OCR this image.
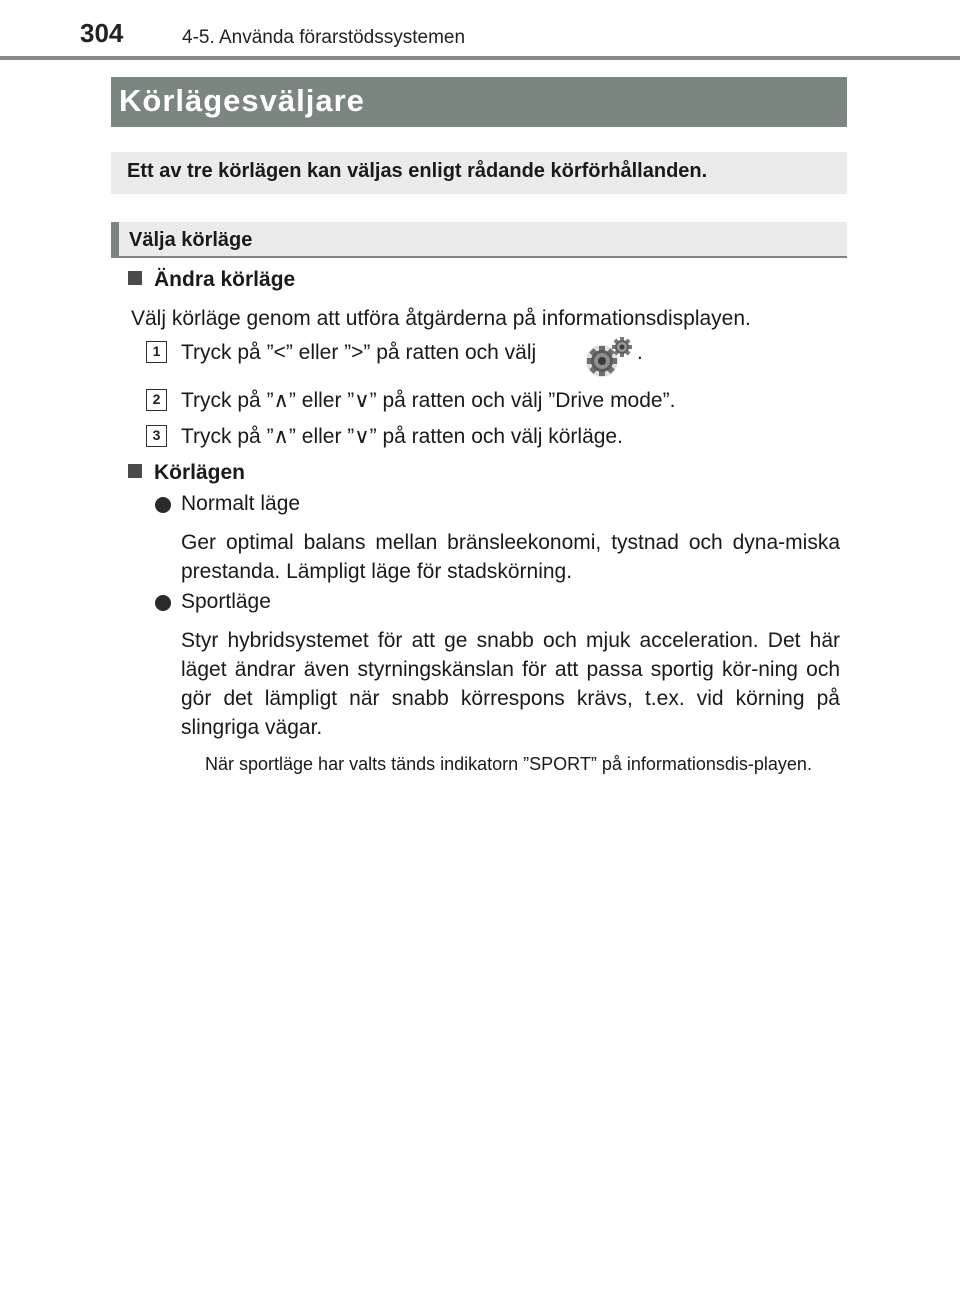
304	4-5. Använda förarstödssystemen
Körlägesväljare
Ett av tre körlägen kan väljas enligt rådande körförhållanden.
Välja körläge
Ändra körläge
Välj körläge genom att utföra åtgärderna på informationsdisplayen.
1 Tryck på ”<” eller ”>” på ratten och välj	.
2 Tryck på ”∧” eller ”∨” på ratten och välj ”Drive mode”.
3 Tryck på ”∧” eller ”∨” på ratten och välj körläge.
Körlägen
Normalt läge
Ger optimal balans mellan bränsleekonomi, tystnad och dyna-miska prestanda. Lämpligt läge för stadskörning.
Sportläge
Styr hybridsystemet för att ge snabb och mjuk acceleration. Det här läget ändrar även styrningskänslan för att passa sportig kör-ning och gör det lämpligt när snabb körrespons krävs, t.ex. vid körning på slingriga vägar.
När sportläge har valts tänds indikatorn ”SPORT” på informationsdis-playen.
